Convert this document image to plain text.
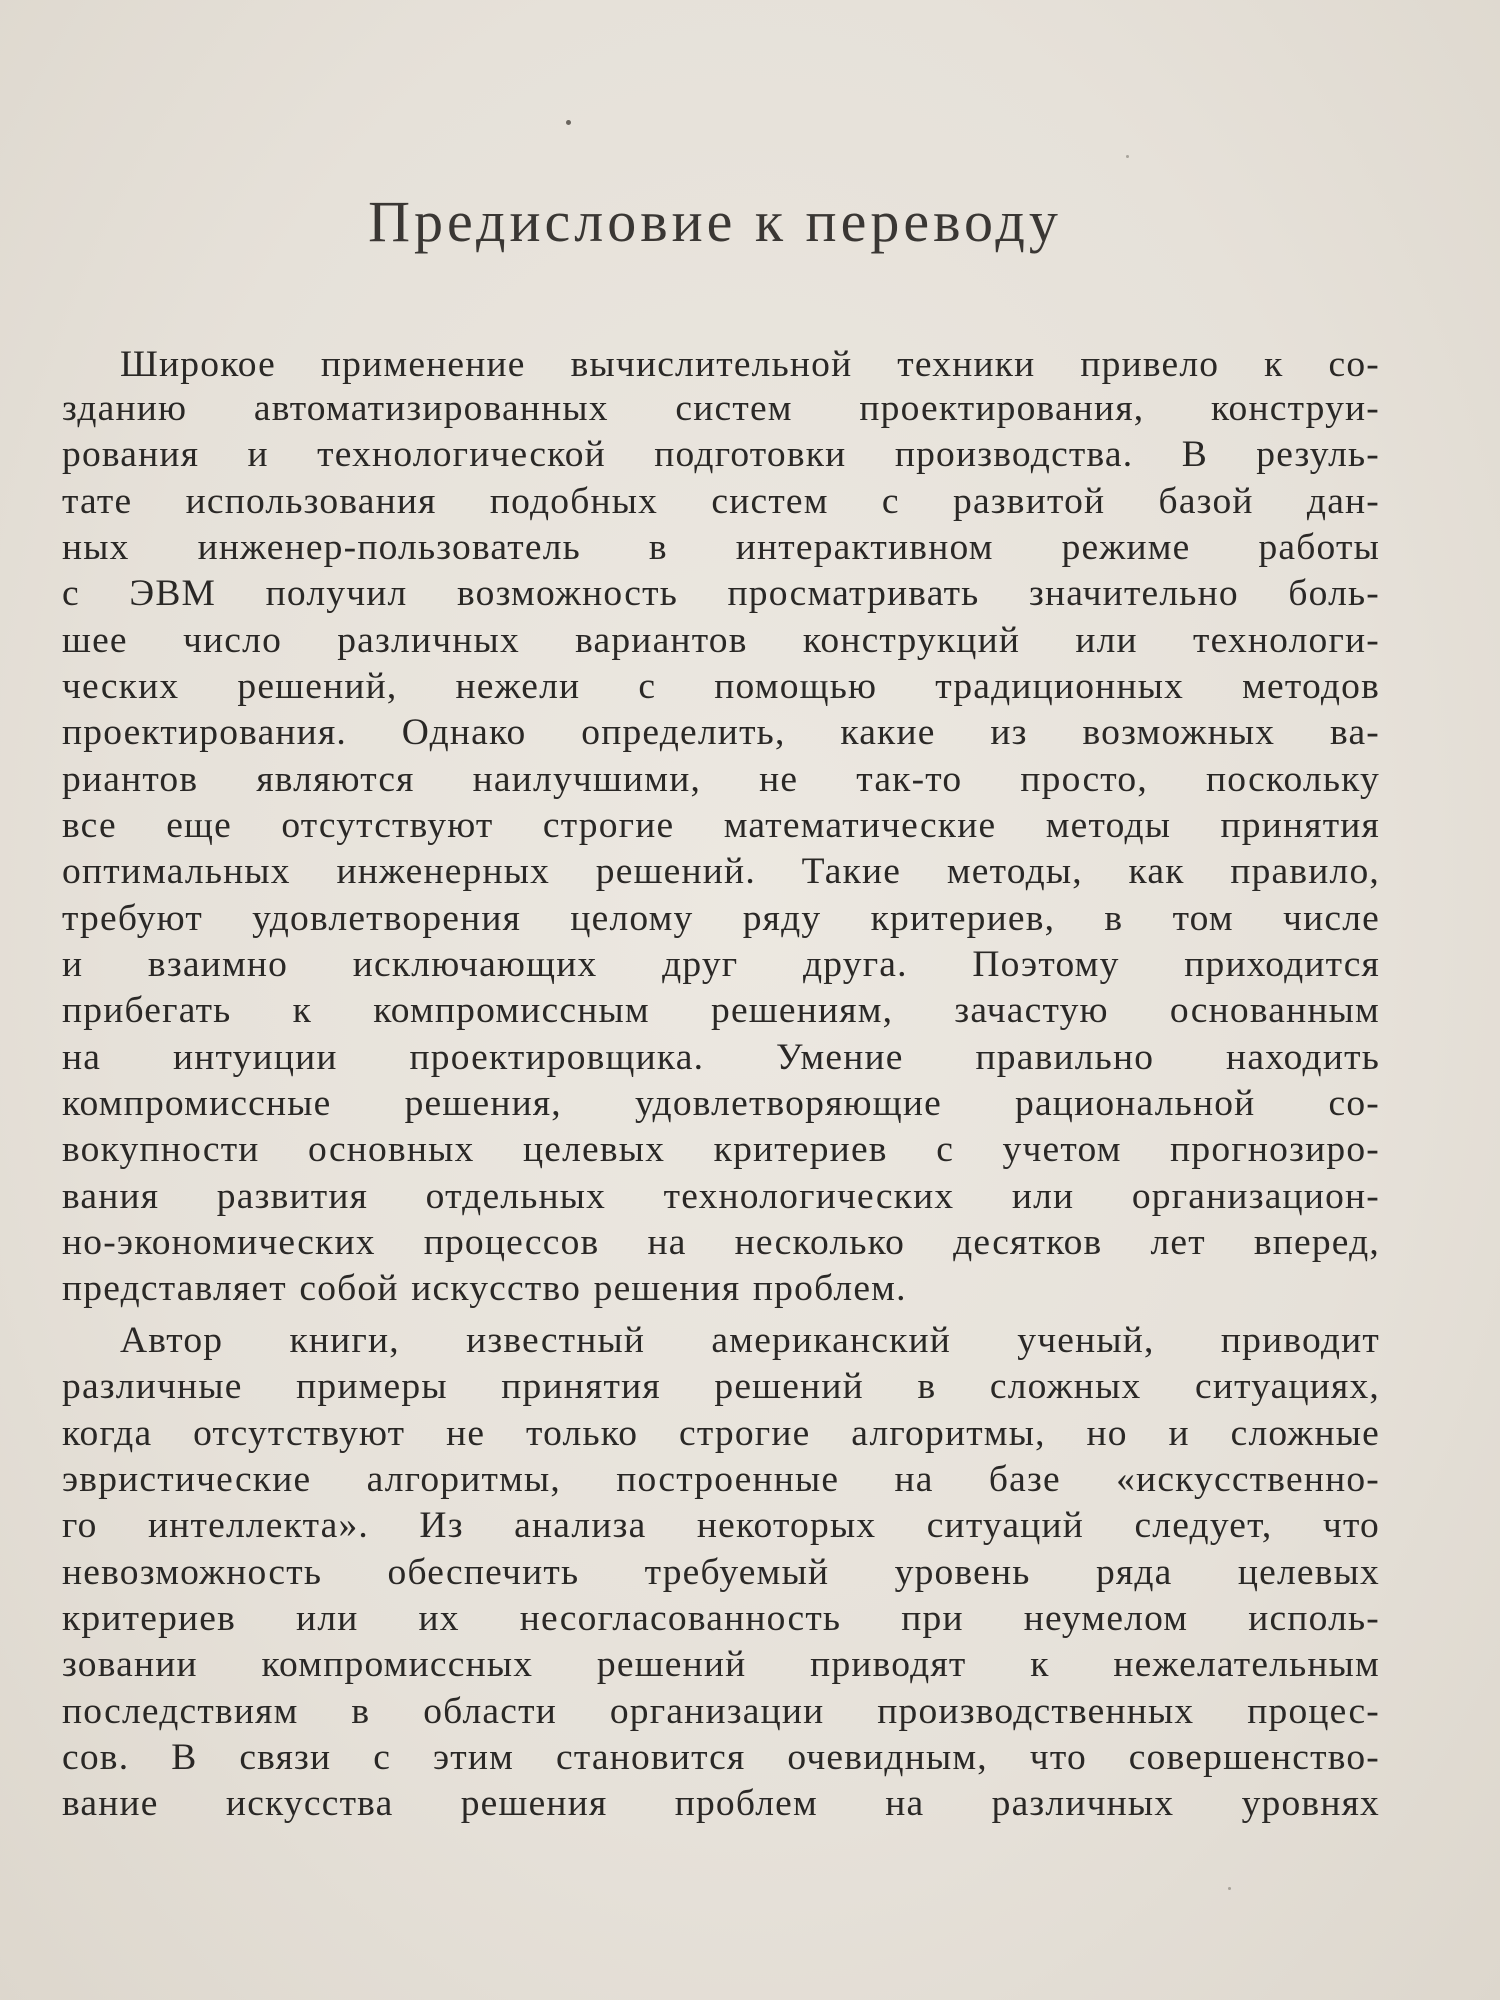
Предисловие к переводу
Широкое применение вычислительной техники привело к со-
зданию автоматизированных систем проектирования, конструи-
рования и технологической подготовки производства. В резуль-
тате использования подобных систем с развитой базой дан-
ных инженер-пользователь в интерактивном режиме работы
с ЭВМ получил возможность просматривать значительно боль-
шее число различных вариантов конструкций или технологи-
ческих решений, нежели с помощью традиционных методов
проектирования. Однако определить, какие из возможных ва-
риантов являются наилучшими, не так-то просто, поскольку
все еще отсутствуют строгие математические методы принятия
оптимальных инженерных решений. Такие методы, как правило,
требуют удовлетворения целому ряду критериев, в том числе
и взаимно исключающих друг друга. Поэтому приходится
прибегать к компромиссным решениям, зачастую основанным
на интуиции проектировщика. Умение правильно находить
компромиссные решения, удовлетворяющие рациональной со-
вокупности основных целевых критериев с учетом прогнозиро-
вания развития отдельных технологических или организацион-
но-экономических процессов на несколько десятков лет вперед,
представляет собой искусство решения проблем.
Автор книги, известный американский ученый, приводит
различные примеры принятия решений в сложных ситуациях,
когда отсутствуют не только строгие алгоритмы, но и сложные
эвристические алгоритмы, построенные на базе «искусственно-
го интеллекта». Из анализа некоторых ситуаций следует, что
невозможность обеспечить требуемый уровень ряда целевых
критериев или их несогласованность при неумелом исполь-
зовании компромиссных решений приводят к нежелательным
последствиям в области организации производственных процес-
сов. В связи с этим становится очевидным, что совершенство-
вание искусства решения проблем на различных уровнях
